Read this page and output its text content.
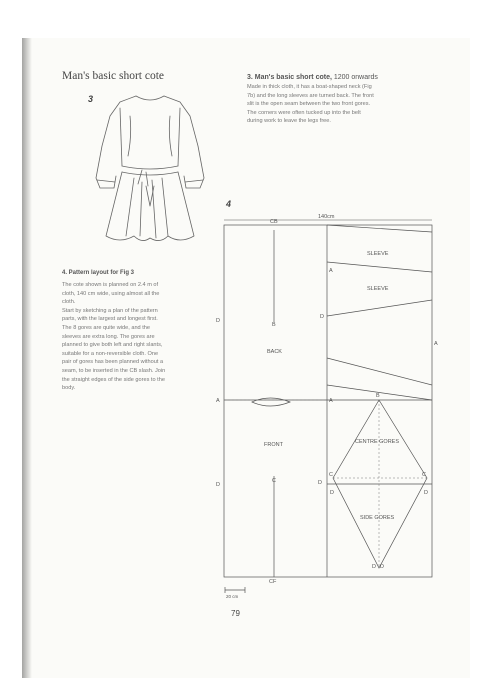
Man's basic short cote
3
4. Pattern layout for Fig 3
The cote shown is planned on 2.4 m of
cloth, 140 cm wide, using almost all the
cloth.
Start by sketching a plan of the pattern
parts, with the largest and longest first.
The 8 gores are quite wide, and the
sleeves are extra long. The gores are
planned to give both left and right slants,
suitable for a non-reversible cloth. One
pair of gores has been planned without a
seam, to be inserted in the CB slash. Join
the straight edges of the side gores to the
body.
3. Man's basic short cote, 1200 onwards
Made in thick cloth, it has a boat-shaped neck (Fig
7b) and the long sleeves are turned back. The front
slit is the open seam between the two front gores.
The corners were often tucked up into the belt
during work to leave the legs free.
4
CB
140cm
SLEEVE
SLEEVE
BACK
FRONT	CENTRE GORES
SIDE GORES
CF
20 cm
A	A
A
A
B
B
C
C	C
D
D
D	D
D	D
D D
79
